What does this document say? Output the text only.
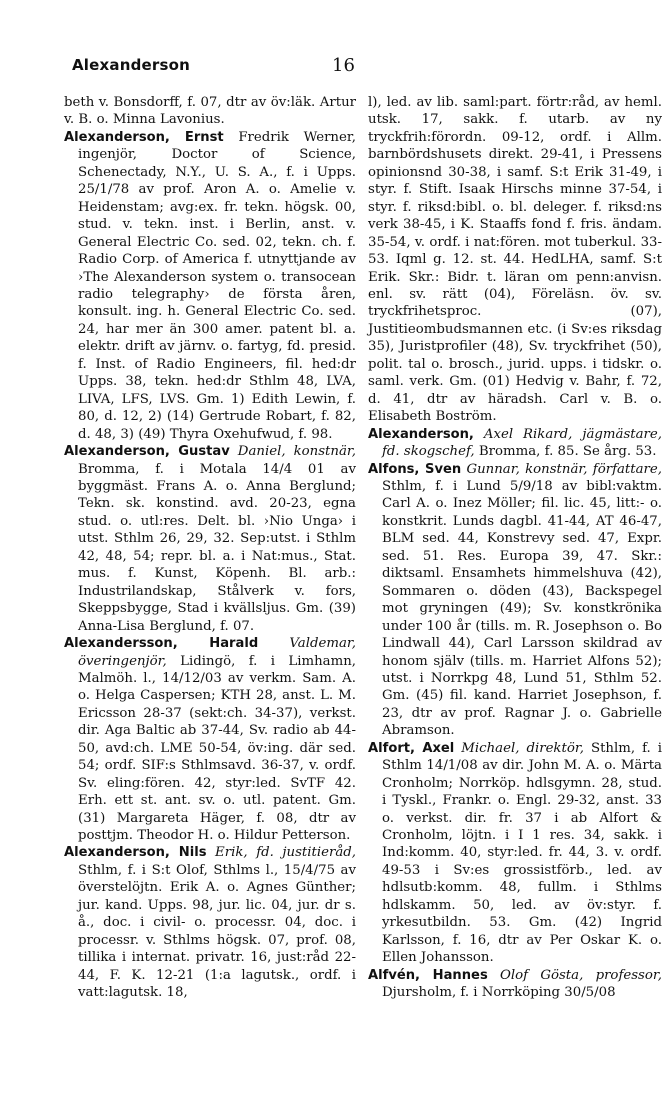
Alexanderson	16

beth v. Bonsdorff, f. 07, dtr av öv:läk. Artur v. B. o. Minna Lavonius.

Alexanderson, Ernst Fredrik Werner, ingenjör, Doctor of Science, Schenectady, N.Y., U. S. A., f. i Upps. 25/1/78 av prof. Aron A. o. Amelie v. Heidenstam; avg:ex. fr. tekn. högsk. 00, stud. v. tekn. inst. i Berlin, anst. v. General Electric Co. sed. 02, tekn. ch. f. Radio Corp. of America f. utnyttjande av ›The Alexanderson system o. transocean radio telegraphy› de första åren, konsult. ing. h. General Electric Co. sed. 24, har mer än 300 amer. patent bl. a. elektr. drift av järnv. o. fartyg, fd. presid. f. Inst. of Radio Engineers, fil. hed:dr Upps. 38, tekn. hed:dr Sthlm 48, LVA, LIVA, LFS, LVS. Gm. 1) Edith Lewin, f. 80, d. 12, 2) (14) Gertrude Robart, f. 82, d. 48, 3) (49) Thyra Oxehufwud, f. 98.

Alexanderson, Gustav Daniel, konstnär, Bromma, f. i Motala 14/4 01 av byggmäst. Frans A. o. Anna Berglund; Tekn. sk. konstind. avd. 20-23, egna stud. o. utl:res. Delt. bl. ›Nio Unga› i utst. Sthlm 26, 29, 32. Sep:utst. i Sthlm 42, 48, 54; repr. bl. a. i Nat:mus., Stat. mus. f. Kunst, Köpenh. Bl. arb.: Industrilandskap, Stålverk v. fors, Skeppsbygge, Stad i kvällsljus. Gm. (39) Anna-Lisa Berglund, f. 07.

Alexandersson, Harald Valdemar, överingenjör, Lidingö, f. i Limhamn, Malmöh. l., 14/12/03 av verkm. Sam. A. o. Helga Caspersen; KTH 28, anst. L. M. Ericsson 28-37 (sekt:ch. 34-37), verkst. dir. Aga Baltic ab 37-44, Sv. radio ab 44-50, avd:ch. LME 50-54, öv:ing. där sed. 54; ordf. SIF:s Sthlmsavd. 36-37, v. ordf. Sv. eling:fören. 42, styr:led. SvTF 42. Erh. ett st. ant. sv. o. utl. patent. Gm. (31) Margareta Häger, f. 08, dtr av posttjm. Theodor H. o. Hildur Petterson.

Alexanderson, Nils Erik, fd. justitieråd, Sthlm, f. i S:t Olof, Sthlms l., 15/4/75 av överstelöjtn. Erik A. o. Agnes Günther; jur. kand. Upps. 98, jur. lic. 04, jur. dr s. å., doc. i civil- o. processr. 04, doc. i processr. v. Sthlms högsk. 07, prof. 08, tillika i internat. privatr. 16, just:råd 22-44, F. K. 12-21 (1:a lagutsk., ordf. i vatt:lagutsk. 18,

l), led. av lib. saml:part. förtr:råd, av heml. utsk. 17, sakk. f. utarb. av ny tryckfrih:förordn. 09-12, ordf. i Allm. barnbördshusets direkt. 29-41, i Pressens opinionsnd 30-38, i samf. S:t Erik 31-49, i styr. f. Stift. Isaak Hirschs minne 37-54, i styr. f. riksd:bibl. o. bl. deleger. f. riksd:ns verk 38-45, i K. Staaffs fond f. fris. ändam. 35-54, v. ordf. i nat:fören. mot tuberkul. 33-53. Iqml g. 12. st. 44. HedLHA, samf. S:t Erik. Skr.: Bidr. t. läran om penn:anvisn. enl. sv. rätt (04), Föreläsn. öv. sv. tryckfrihetsproc. (07), Justitieombudsmannen etc. (i Sv:es riksdag 35), Juristprofiler (48), Sv. tryckfrihet (50), polit. tal o. brosch., jurid. upps. i tidskr. o. saml. verk. Gm. (01) Hedvig v. Bahr, f. 72, d. 41, dtr av häradsh. Carl v. B. o. Elisabeth Boström.

Alexanderson, Axel Rikard, jägmästare, fd. skogschef, Bromma, f. 85. Se årg. 53.

Alfons, Sven Gunnar, konstnär, författare, Sthlm, f. i Lund 5/9/18 av bibl:vaktm. Carl A. o. Inez Möller; fil. lic. 45, litt:- o. konstkrit. Lunds dagbl. 41-44, AT 46-47, BLM sed. 44, Konstrevy sed. 47, Expr. sed. 51. Res. Europa 39, 47. Skr.: diktsaml. Ensamhets himmelshuva (42), Sommaren o. döden (43), Backspegel mot gryningen (49); Sv. konstkrönika under 100 år (tills. m. R. Josephson o. Bo Lindwall 44), Carl Larsson skildrad av honom själv (tills. m. Harriet Alfons 52); utst. i Norrkpg 48, Lund 51, Sthlm 52. Gm. (45) fil. kand. Harriet Josephson, f. 23, dtr av prof. Ragnar J. o. Gabrielle Abramson.

Alfort, Axel Michael, direktör, Sthlm, f. i Sthlm 14/1/08 av dir. John M. A. o. Märta Cronholm; Norrköp. hdlsgymn. 28, stud. i Tyskl., Frankr. o. Engl. 29-32, anst. 33 o. verkst. dir. fr. 37 i ab Alfort & Cronholm, löjtn. i I 1 res. 34, sakk. i Ind:komm. 40, styr:led. fr. 44, 3. v. ordf. 49-53 i Sv:es grossistförb., led. av hdlsutb:komm. 48, fullm. i Sthlms hdlskamm. 50, led. av öv:styr. f. yrkesutbildn. 53. Gm. (42) Ingrid Karlsson, f. 16, dtr av Per Oskar K. o. Ellen Johansson.

Alfvén, Hannes Olof Gösta, professor, Djursholm, f. i Norrköping 30/5/08
